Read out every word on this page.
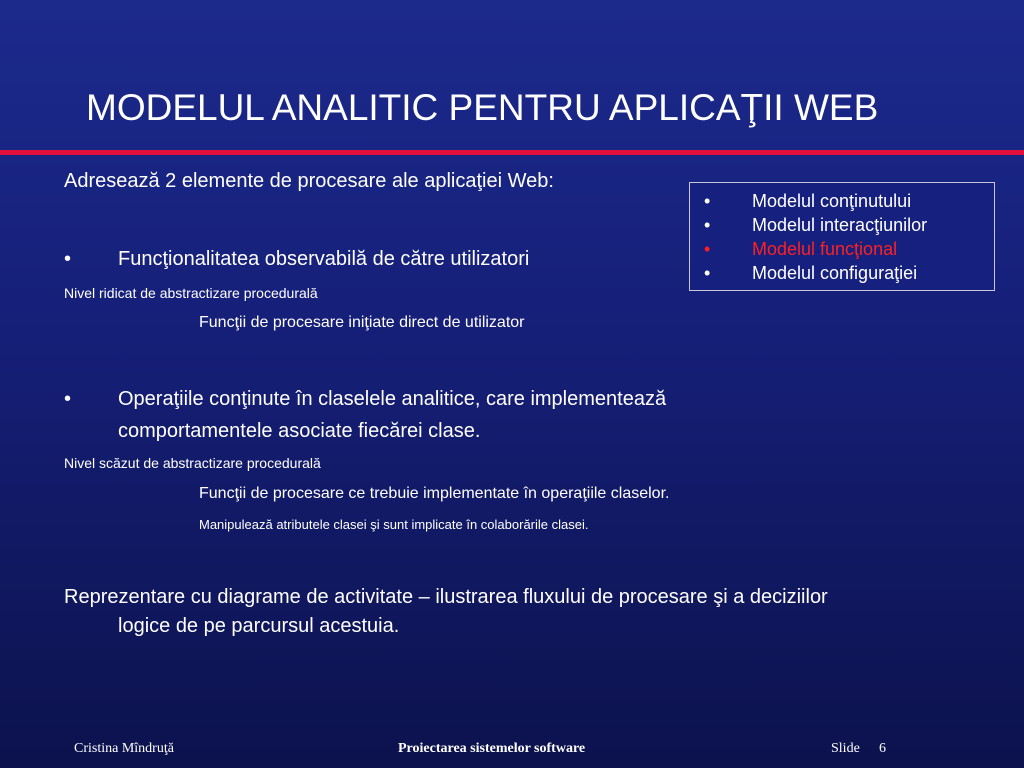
MODELUL ANALITIC PENTRU APLICAŢII WEB
Adresează 2 elemente de procesare ale aplicaţiei Web:
• Funcţionalitatea observabilă de către utilizatori
Nivel ridicat de abstractizare procedurală
Funcţii de procesare iniţiate direct de utilizator
• Operaţiile conţinute în claselele analitice, care implementează
comportamentele asociate fiecărei clase.
Nivel scăzut de abstractizare procedurală
Funcţii de procesare ce trebuie implementate în operaţiile claselor.
Manipulează atributele clasei şi sunt implicate în colaborările clasei.
Reprezentare cu diagrame de activitate – ilustrarea fluxului de procesare şi a deciziilor
logice de pe parcursul acestuia.
• Modelul conţinutului
• Modelul interacţiunilor
• Modelul funcţional
• Modelul configuraţiei
Cristina Mîndruţă	Proiectarea sistemelor software	Slide 6
